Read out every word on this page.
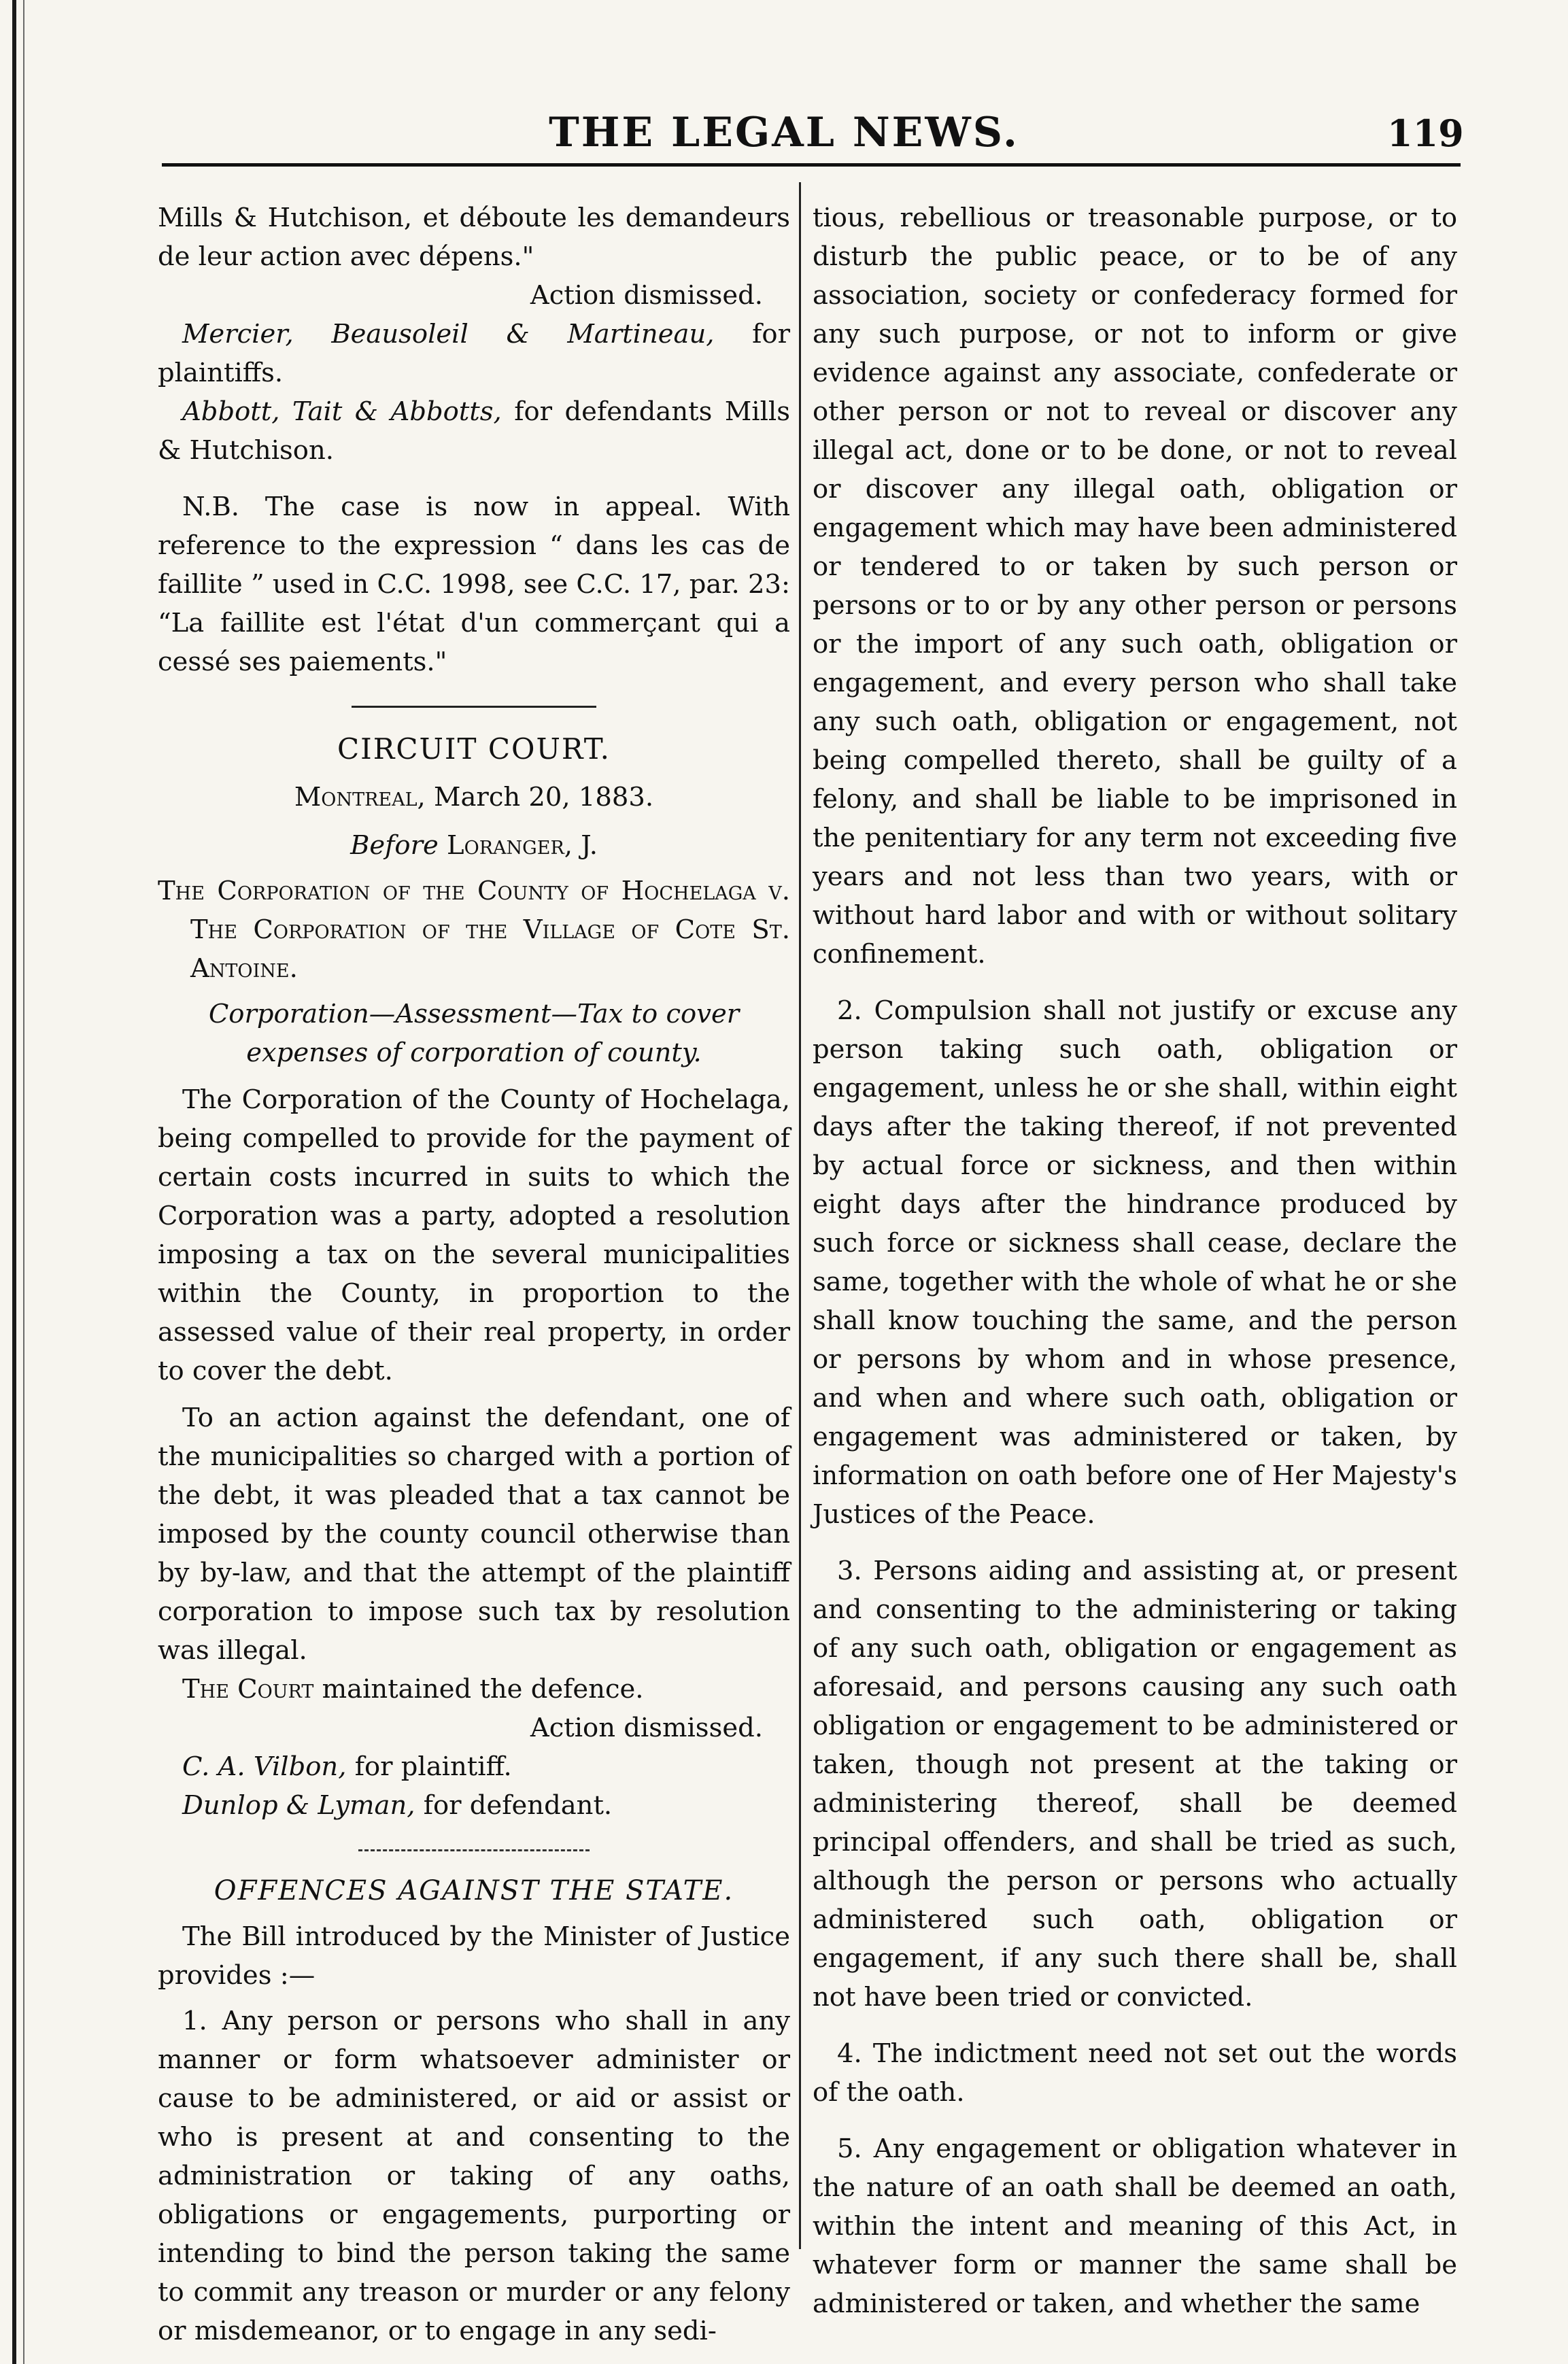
THE LEGAL NEWS.	119

Mills & Hutchison, et déboute les demandeurs de leur action avec dépens."

Action dismissed.

Mercier, Beausoleil & Martineau, for plaintiffs.

Abbott, Tait & Abbotts, for defendants Mills & Hutchison.

N.B. The case is now in appeal. With reference to the expression “ dans les cas de faillite ” used in C.C. 1998, see C.C. 17, par. 23: “La faillite est l'état d'un commerçant qui a cessé ses paiements."

CIRCUIT COURT.

Montreal, March 20, 1883.

Before Loranger, J.

The Corporation of the County of Hochelaga v. The Corporation of the Village of Cote St. Antoine.

Corporation—Assessment—Tax to cover expenses of corporation of county.

The Corporation of the County of Hochelaga, being compelled to provide for the payment of certain costs incurred in suits to which the Corporation was a party, adopted a resolution imposing a tax on the several municipalities within the County, in proportion to the assessed value of their real property, in order to cover the debt.

To an action against the defendant, one of the municipalities so charged with a portion of the debt, it was pleaded that a tax cannot be imposed by the county council otherwise than by by-law, and that the attempt of the plaintiff corporation to impose such tax by resolution was illegal.

The Court maintained the defence.

Action dismissed.

C. A. Vilbon, for plaintiff.

Dunlop & Lyman, for defendant.

OFFENCES AGAINST THE STATE.

The Bill introduced by the Minister of Justice provides :—

1. Any person or persons who shall in any manner or form whatsoever administer or cause to be administered, or aid or assist or who is present at and consenting to the administration or taking of any oaths, obligations or engagements, purporting or intending to bind the person taking the same to commit any treason or murder or any felony or misdemeanor, or to engage in any sedi-

tious, rebellious or treasonable purpose, or to disturb the public peace, or to be of any association, society or confederacy formed for any such purpose, or not to inform or give evidence against any associate, confederate or other person or not to reveal or discover any illegal act, done or to be done, or not to reveal or discover any illegal oath, obligation or engagement which may have been administered or tendered to or taken by such person or persons or to or by any other person or persons or the import of any such oath, obligation or engagement, and every person who shall take any such oath, obligation or engagement, not being compelled thereto, shall be guilty of a felony, and shall be liable to be imprisoned in the penitentiary for any term not exceeding five years and not less than two years, with or without hard labor and with or without solitary confinement.

2. Compulsion shall not justify or excuse any person taking such oath, obligation or engagement, unless he or she shall, within eight days after the taking thereof, if not prevented by actual force or sickness, and then within eight days after the hindrance produced by such force or sickness shall cease, declare the same, together with the whole of what he or she shall know touching the same, and the person or persons by whom and in whose presence, and when and where such oath, obligation or engagement was administered or taken, by information on oath before one of Her Majesty's Justices of the Peace.

3. Persons aiding and assisting at, or present and consenting to the administering or taking of any such oath, obligation or engagement as aforesaid, and persons causing any such oath obligation or engagement to be administered or taken, though not present at the taking or administering thereof, shall be deemed principal offenders, and shall be tried as such, although the person or persons who actually administered such oath, obligation or engagement, if any such there shall be, shall not have been tried or convicted.

4. The indictment need not set out the words of the oath.

5. Any engagement or obligation whatever in the nature of an oath shall be deemed an oath, within the intent and meaning of this Act, in whatever form or manner the same shall be administered or taken, and whether the same
